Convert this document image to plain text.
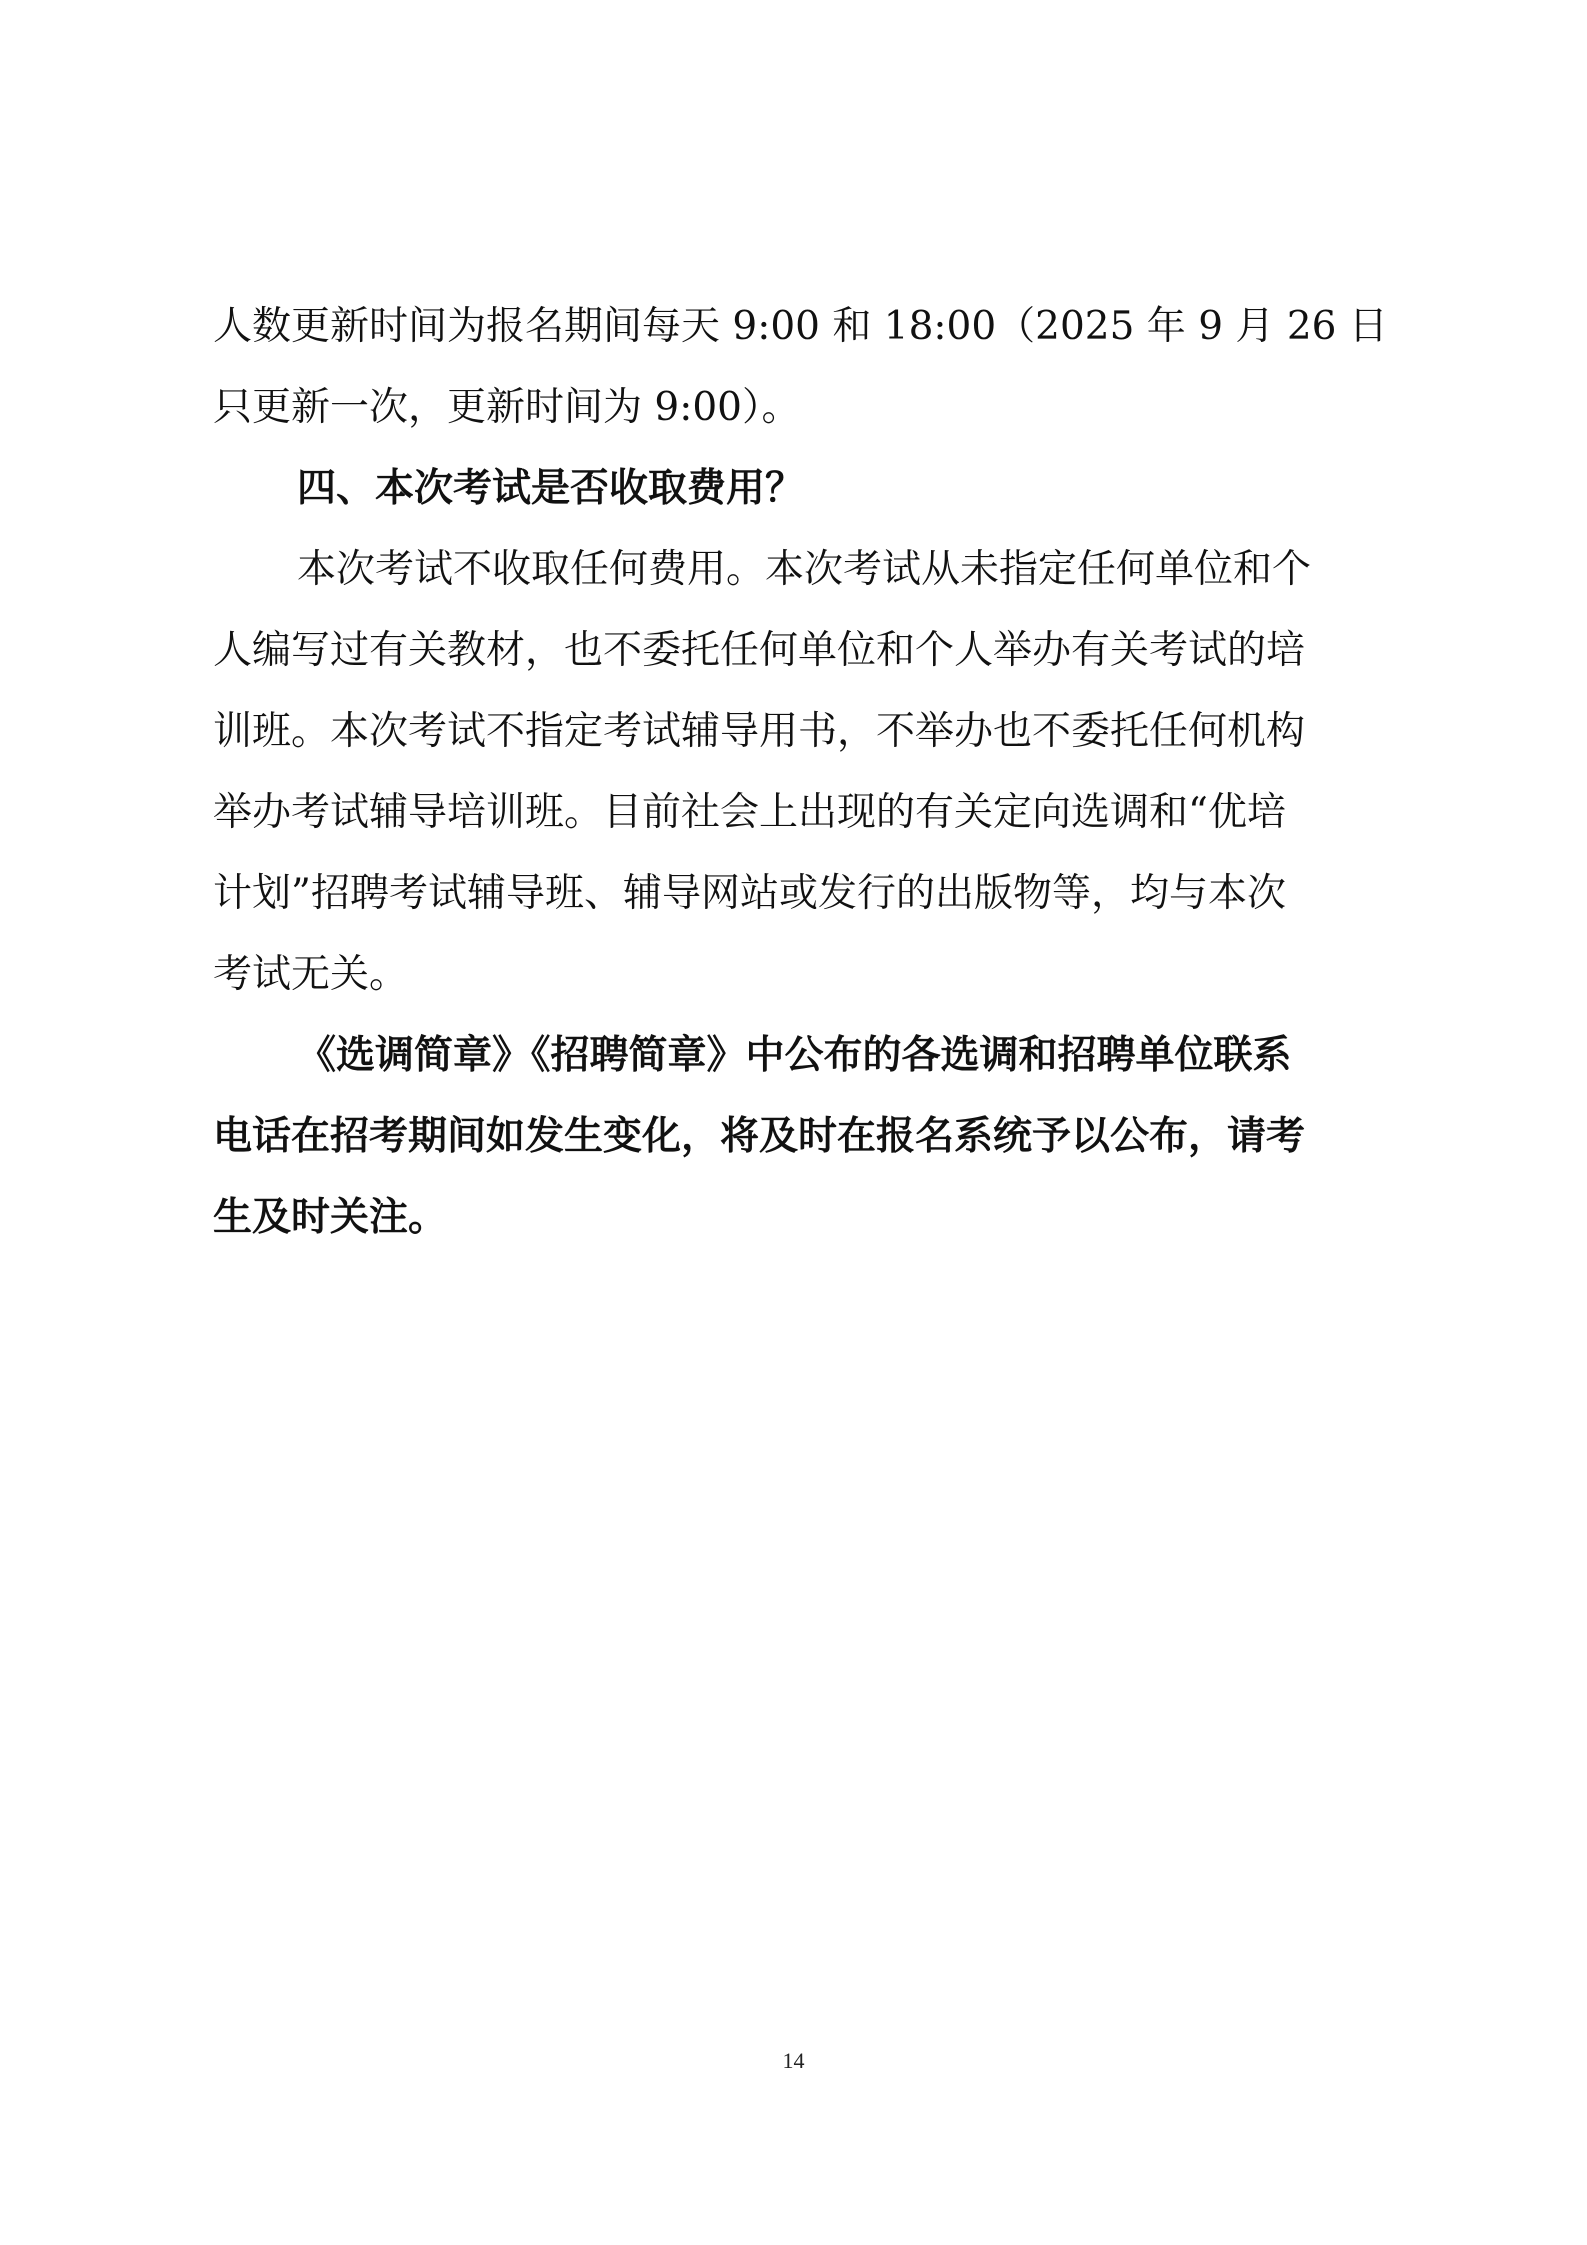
人数更新时间为报名期间每天 9:00 和 18:00（2025 年 9 月 26 日
只更新一次，更新时间为 9:00）。
四、本次考试是否收取费用？
本次考试不收取任何费用。本次考试从未指定任何单位和个
人编写过有关教材，也不委托任何单位和个人举办有关考试的培
训班。本次考试不指定考试辅导用书，不举办也不委托任何机构
举办考试辅导培训班。目前社会上出现的有关定向选调和“优培
计划”招聘考试辅导班、辅导网站或发行的出版物等，均与本次
考试无关。
《选调简章》《招聘简章》中公布的各选调和招聘单位联系
电话在招考期间如发生变化，将及时在报名系统予以公布，请考
生及时关注。
14
